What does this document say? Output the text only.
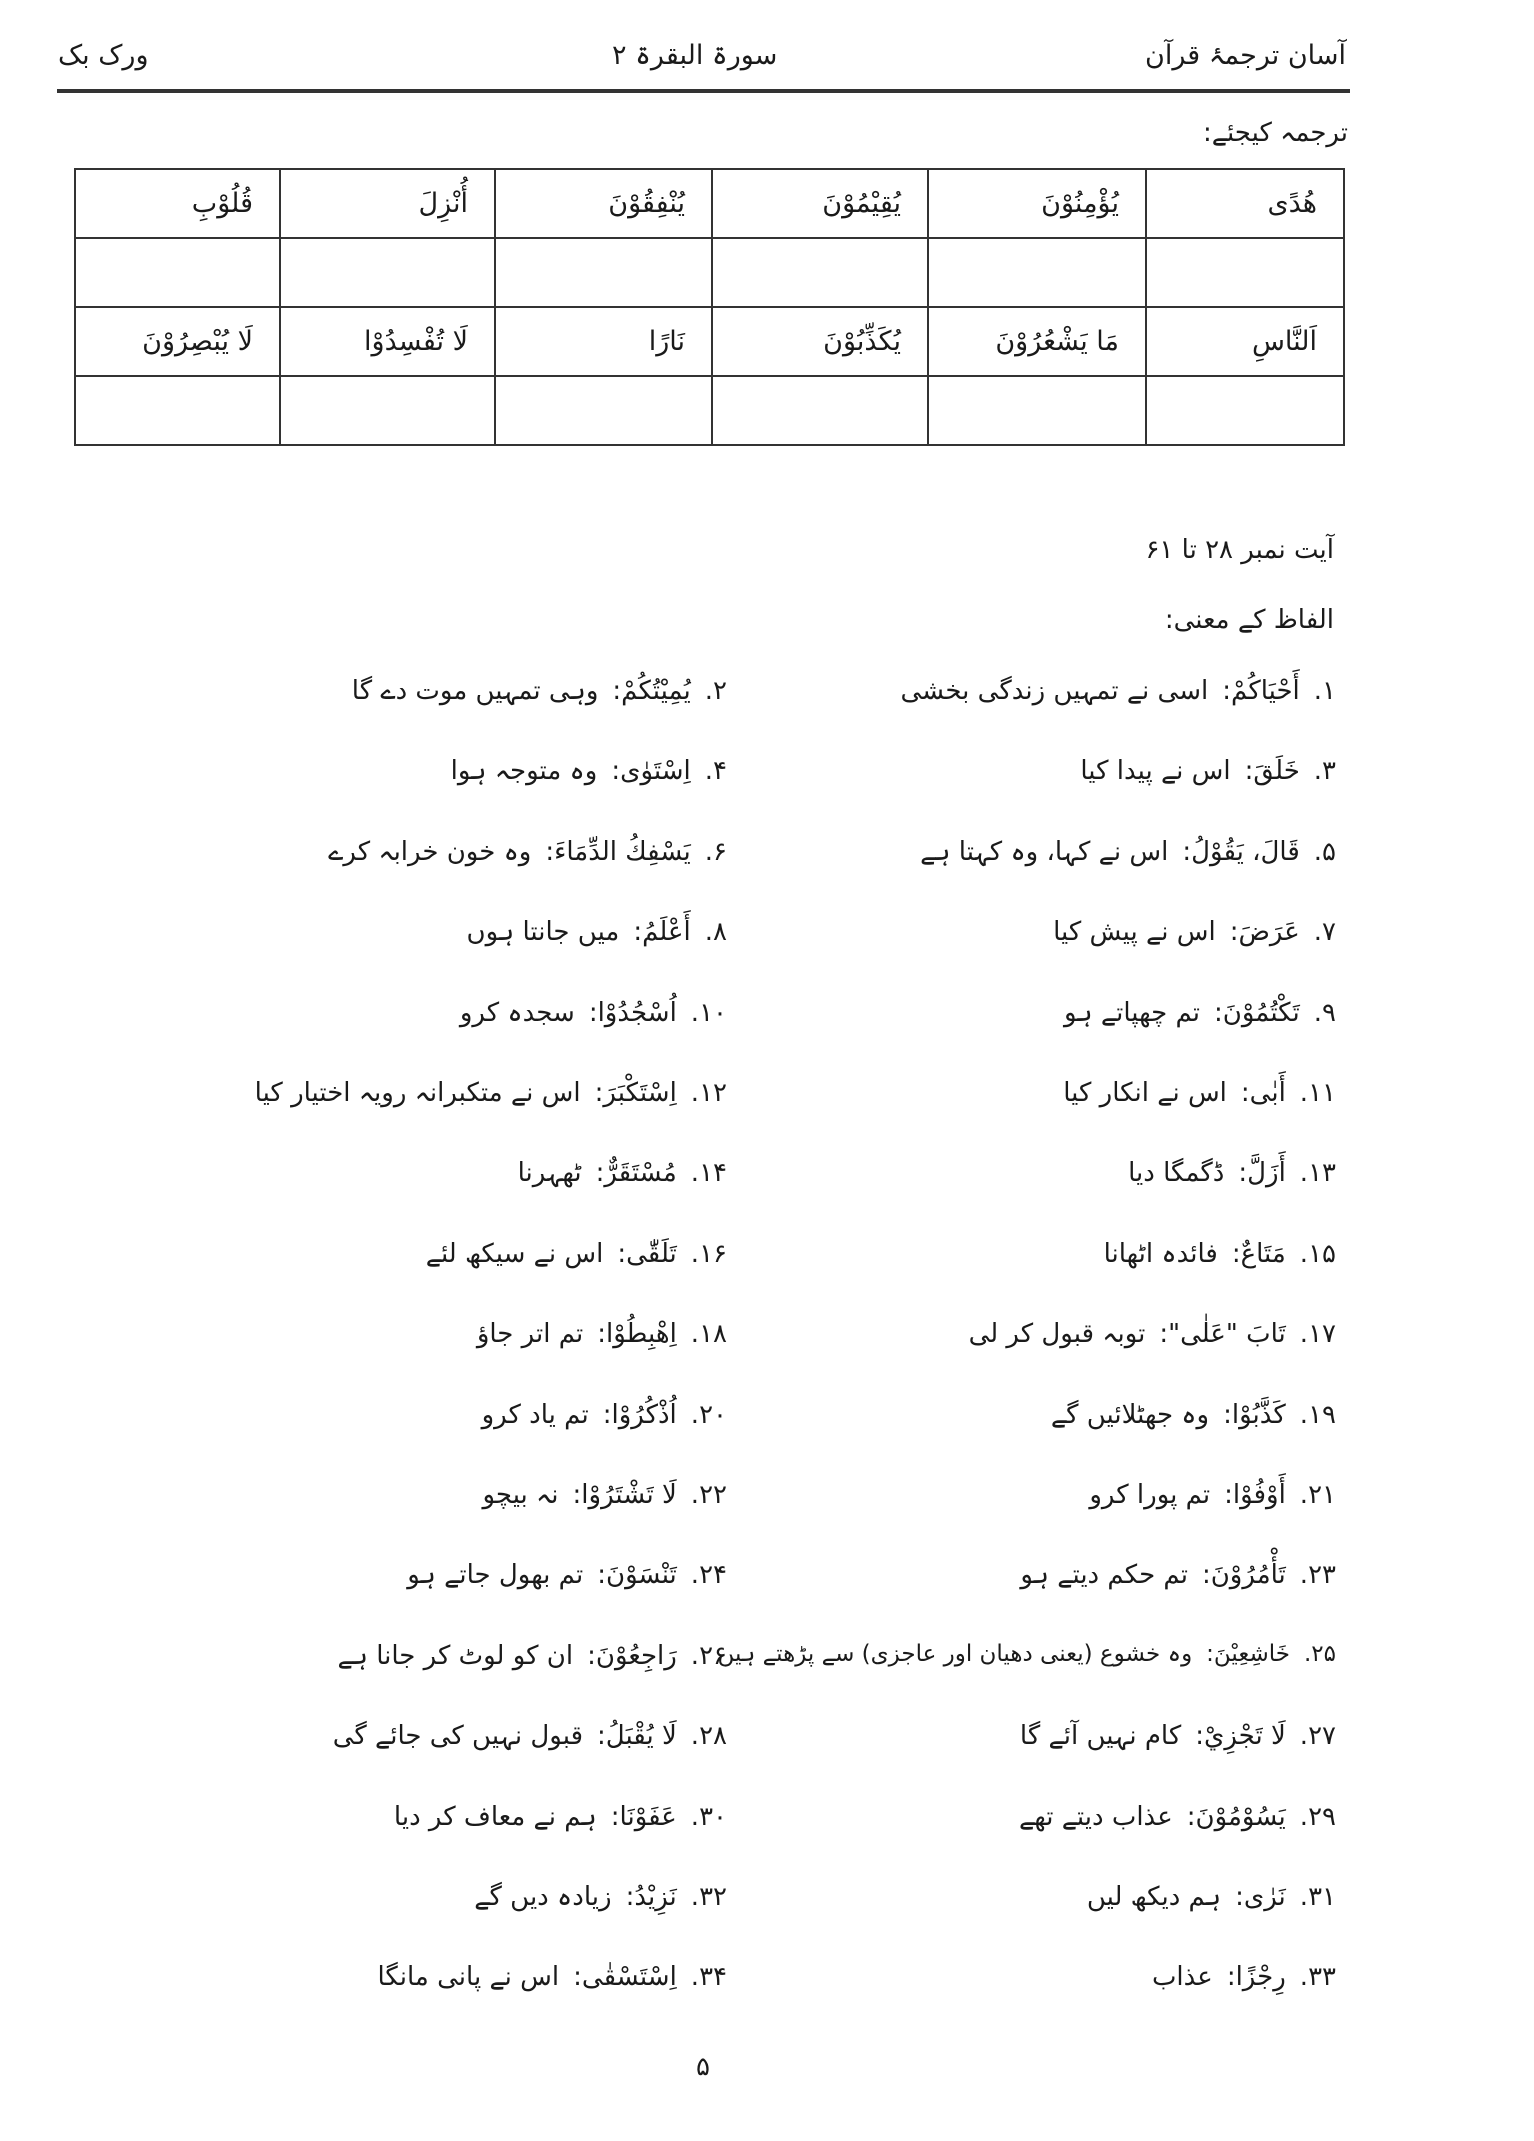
آسان ترجمۂ قرآن
سورۃ البقرۃ ۲
ورک بک
ترجمہ کیجئے:
هُدًى	يُؤْمِنُوْنَ	يُقِيْمُوْنَ	يُنْفِقُوْنَ	أُنْزِلَ	قُلُوْبِ

اَلنَّاسِ	مَا يَشْعُرُوْنَ	يُكَذِّبُوْنَ	نَارًا	لَا تُفْسِدُوْا	لَا يُبْصِرُوْنَ

آیت نمبر ۲۸ تا ۶۱
الفاظ کے معنی:
۱.أَحْيَاكُمْ:اسی نے تمہیں زندگی بخشی
۲.يُمِيْتُكُمْ:وہی تمہیں موت دے گا
۳.خَلَقَ:اس نے پیدا کیا
۴.اِسْتَوٰى:وہ متوجہ ہوا
۵.قَالَ، يَقُوْلُ:اس نے کہا، وہ کہتا ہے
۶.يَسْفِكُ الدِّمَاءَ:وہ خون خرابہ کرے
۷.عَرَضَ:اس نے پیش کیا
۸.أَعْلَمُ:میں جانتا ہوں
۹.تَكْتُمُوْنَ:تم چھپاتے ہو
۱۰.اُسْجُدُوْا:سجدہ کرو
۱۱.أَبٰى:اس نے انکار کیا
۱۲.اِسْتَكْبَرَ:اس نے متکبرانہ رویہ اختیار کیا
۱۳.أَزَلَّ:ڈگمگا دیا
۱۴.مُسْتَقَرٌّ:ٹھہرنا
۱۵.مَتَاعٌ:فائدہ اٹھانا
۱۶.تَلَقّٰى:اس نے سیکھ لئے
۱۷.تَابَ "عَلٰى":توبہ قبول کر لی
۱۸.اِهْبِطُوْا:تم اتر جاؤ
۱۹.كَذَّبُوْا:وہ جھٹلائیں گے
۲۰.اُذْكُرُوْا:تم یاد کرو
۲۱.أَوْفُوْا:تم پورا کرو
۲۲.لَا تَشْتَرُوْا:نہ بیچو
۲۳.تَأْمُرُوْنَ:تم حکم دیتے ہو
۲۴.تَنْسَوْنَ:تم بھول جاتے ہو
۲۵.خَاشِعِيْنَ:وہ خشوع (یعنی دھیان اور عاجزی) سے پڑھتے ہیں
۲۶.رَاجِعُوْنَ:ان کو لوٹ کر جانا ہے
۲۷.لَا تَجْزِيْ:کام نہیں آئے گا
۲۸.لَا يُقْبَلُ:قبول نہیں کی جائے گی
۲۹.يَسُوْمُوْنَ:عذاب دیتے تھے
۳۰.عَفَوْنَا:ہم نے معاف کر دیا
۳۱.نَرٰى:ہم دیکھ لیں
۳۲.نَزِيْدُ:زیادہ دیں گے
۳۳.رِجْزًا:عذاب
۳۴.اِسْتَسْقٰى:اس نے پانی مانگا
۵
